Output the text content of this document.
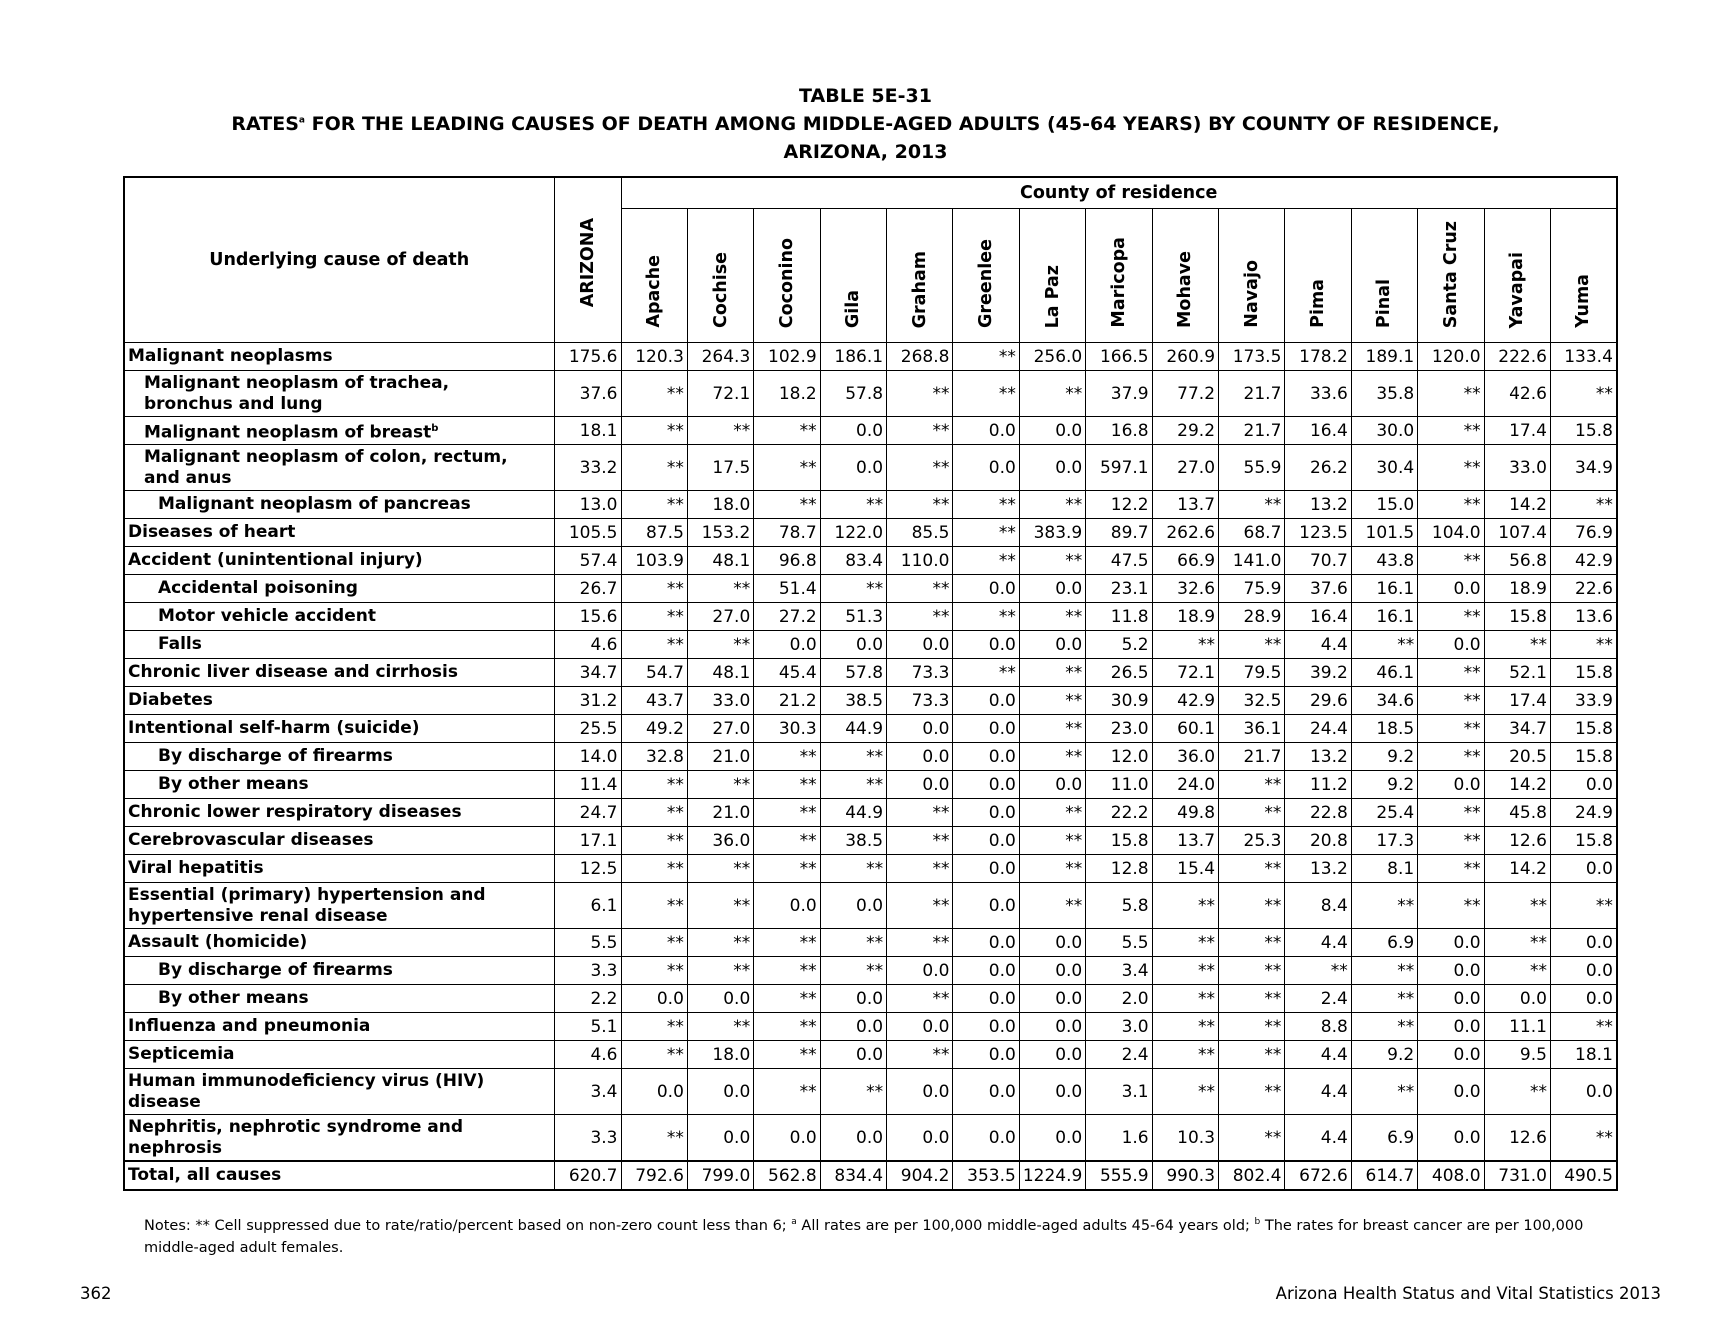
TABLE 5E-31
RATES$^a$ FOR THE LEADING CAUSES OF DEATH AMONG MIDDLE-AGED ADULTS (45-64 YEARS) BY COUNTY OF RESIDENCE,
ARIZONA, 2013
Underlying cause of death	ARIZONA	County of residence														

		Apache	Cochise	Coconino	Gila	Graham	Greenlee	La Paz	Maricopa	Mohave	Navajo	Pima	Pinal	Santa Cruz	Yavapai	Yuma

Malignant neoplasms	175.6	120.3	264.3	102.9	186.1	268.8	**	256.0	166.5	260.9	173.5	178.2	189.1	120.0	222.6	133.4
Malignant neoplasm of trachea,
bronchus and lung	37.6	**	72.1	18.2	57.8	**	**	**	37.9	77.2	21.7	33.6	35.8	**	42.6	**
Malignant neoplasm of breast$^b$	18.1	**	**	**	0.0	**	0.0	0.0	16.8	29.2	21.7	16.4	30.0	**	17.4	15.8
Malignant neoplasm of colon, rectum,
and anus	33.2	**	17.5	**	0.0	**	0.0	0.0	597.1	27.0	55.9	26.2	30.4	**	33.0	34.9
Malignant neoplasm of pancreas	13.0	**	18.0	**	**	**	**	**	12.2	13.7	**	13.2	15.0	**	14.2	**
Diseases of heart	105.5	87.5	153.2	78.7	122.0	85.5	**	383.9	89.7	262.6	68.7	123.5	101.5	104.0	107.4	76.9
Accident (unintentional injury)	57.4	103.9	48.1	96.8	83.4	110.0	**	**	47.5	66.9	141.0	70.7	43.8	**	56.8	42.9
Accidental poisoning	26.7	**	**	51.4	**	**	0.0	0.0	23.1	32.6	75.9	37.6	16.1	0.0	18.9	22.6
Motor vehicle accident	15.6	**	27.0	27.2	51.3	**	**	**	11.8	18.9	28.9	16.4	16.1	**	15.8	13.6
Falls	4.6	**	**	0.0	0.0	0.0	0.0	0.0	5.2	**	**	4.4	**	0.0	**	**
Chronic liver disease and cirrhosis	34.7	54.7	48.1	45.4	57.8	73.3	**	**	26.5	72.1	79.5	39.2	46.1	**	52.1	15.8
Diabetes	31.2	43.7	33.0	21.2	38.5	73.3	0.0	**	30.9	42.9	32.5	29.6	34.6	**	17.4	33.9
Intentional self-harm (suicide)	25.5	49.2	27.0	30.3	44.9	0.0	0.0	**	23.0	60.1	36.1	24.4	18.5	**	34.7	15.8
By discharge of firearms	14.0	32.8	21.0	**	**	0.0	0.0	**	12.0	36.0	21.7	13.2	9.2	**	20.5	15.8
By other means	11.4	**	**	**	**	0.0	0.0	0.0	11.0	24.0	**	11.2	9.2	0.0	14.2	0.0
Chronic lower respiratory diseases	24.7	**	21.0	**	44.9	**	0.0	**	22.2	49.8	**	22.8	25.4	**	45.8	24.9
Cerebrovascular diseases	17.1	**	36.0	**	38.5	**	0.0	**	15.8	13.7	25.3	20.8	17.3	**	12.6	15.8
Viral hepatitis	12.5	**	**	**	**	**	0.0	**	12.8	15.4	**	13.2	8.1	**	14.2	0.0
Essential (primary) hypertension and
hypertensive renal disease	6.1	**	**	0.0	0.0	**	0.0	**	5.8	**	**	8.4	**	**	**	**
Assault (homicide)	5.5	**	**	**	**	**	0.0	0.0	5.5	**	**	4.4	6.9	0.0	**	0.0
By discharge of firearms	3.3	**	**	**	**	0.0	0.0	0.0	3.4	**	**	**	**	0.0	**	0.0
By other means	2.2	0.0	0.0	**	0.0	**	0.0	0.0	2.0	**	**	2.4	**	0.0	0.0	0.0
Influenza and pneumonia	5.1	**	**	**	0.0	0.0	0.0	0.0	3.0	**	**	8.8	**	0.0	11.1	**
Septicemia	4.6	**	18.0	**	0.0	**	0.0	0.0	2.4	**	**	4.4	9.2	0.0	9.5	18.1
Human immunodeficiency virus (HIV)
disease	3.4	0.0	0.0	**	**	0.0	0.0	0.0	3.1	**	**	4.4	**	0.0	**	0.0
Nephritis, nephrotic syndrome and
nephrosis	3.3	**	0.0	0.0	0.0	0.0	0.0	0.0	1.6	10.3	**	4.4	6.9	0.0	12.6	**
Total, all causes	620.7	792.6	799.0	562.8	834.4	904.2	353.5	1224.9	555.9	990.3	802.4	672.6	614.7	408.0	731.0	490.5
Notes: ** Cell suppressed due to rate/ratio/percent based on non-zero count less than 6; $^a$ All rates are per 100,000 middle-aged adults 45-64 years old; $^b$ The rates for breast cancer are per 100,000 middle-aged adult females.
362	Arizona Health Status and Vital Statistics 2013
